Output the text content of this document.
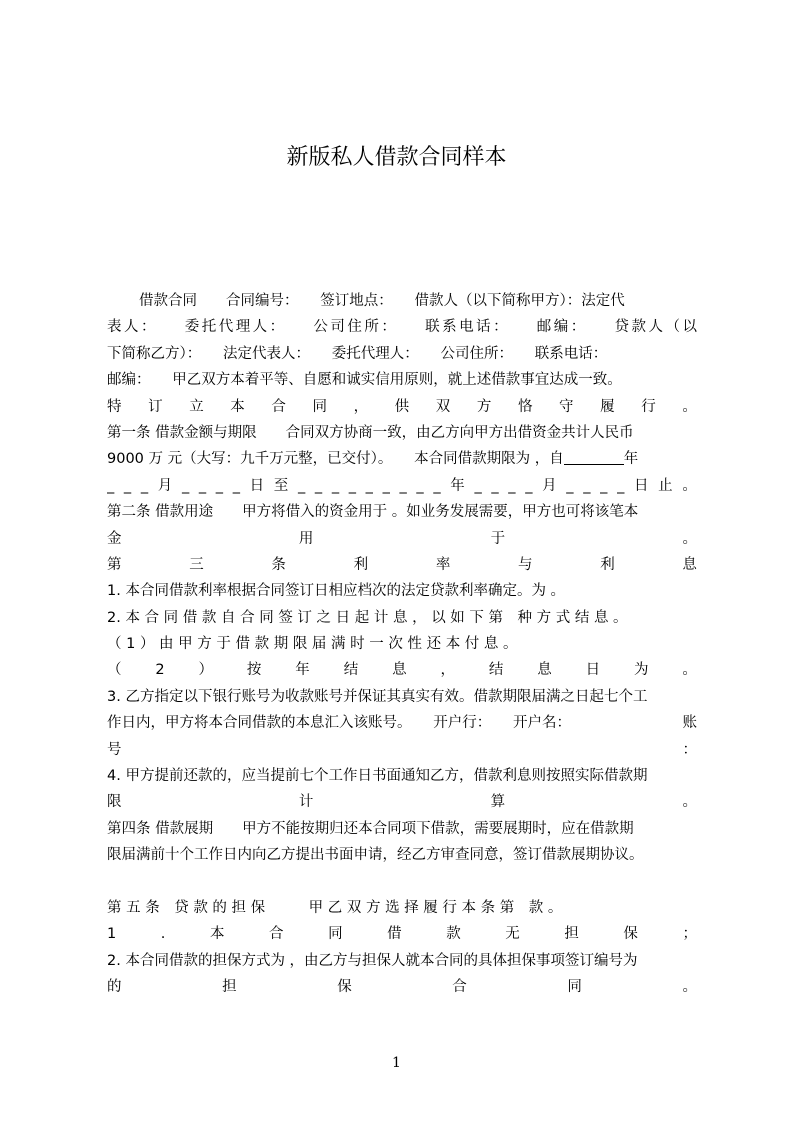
新版私人借款合同样本
借款合同　　合同编号：　　签订地点：　　借款人（以下简称甲方）：法定代
表人：　　委托代理人：　　公司住所：　　联系电话：　　邮编：　　贷款人（以
下简称乙方）：　　法定代表人：　　委托代理人：　　公司住所：　　联系电话：
邮编：　　甲乙双方本着平等、自愿和诚实信用原则，就上述借款事宜达成一致。
特 订 立 本 合 同 ， 供 双 方 恪 守 履 行 。
第一条 借款金额与期限　　合同双方协商一致，由乙方向甲方出借资金共计人民币
9000 万 元（大写：九千万元整，已交付）。　　本合同借款期限为 ，自	年
_ _ _ 月 _ _ _ _ 日 至 _ _ _ _ _ _ _ _ _ 年 _ _ _ _ 月 _ _ _ _ 日 止 。
第二条 借款用途　　甲方将借入的资金用于 。如业务发展需要，甲方也可将该笔本
金	用	于	。
第	三	条	利	率	与	利	息
1. 本合同借款利率根据合同签订日相应档次的法定贷款利率确定。为 。
2. 本 合 同 借 款 自 合 同 签 订 之 日 起 计 息 ， 以 如 下 第　种 方 式 结 息 。
（ 1 ） 由 甲 方 于 借 款 期 限 届 满 时 一 次 性 还 本 付 息 。
（ 2 ） 按 年 结 息 ， 结 息 日 为 。
3. 乙方指定以下银行账号为收款账号并保证其真实有效。借款期限届满之日起七个工
作日内，甲方将本合同借款的本息汇入该账号。　　开户行：　　开户名：	账
号	：
4. 甲方提前还款的，应当提前七个工作日书面通知乙方，借款利息则按照实际借款期
限	计	算	。
第四条 借款展期　　甲方不能按期归还本合同项下借款，需要展期时，应在借款期
限届满前十个工作日内向乙方提出书面申请，经乙方审查同意，签订借款展期协议。
第 五 条　贷 款 的 担 保　　　甲 乙 双 方 选 择 履 行 本 条 第　款 。
1	.	本	合	同	借	款	无	担	保	；
2. 本合同借款的担保方式为 ，由乙方与担保人就本合同的具体担保事项签订编号为
的	担	保	合	同	。
1
